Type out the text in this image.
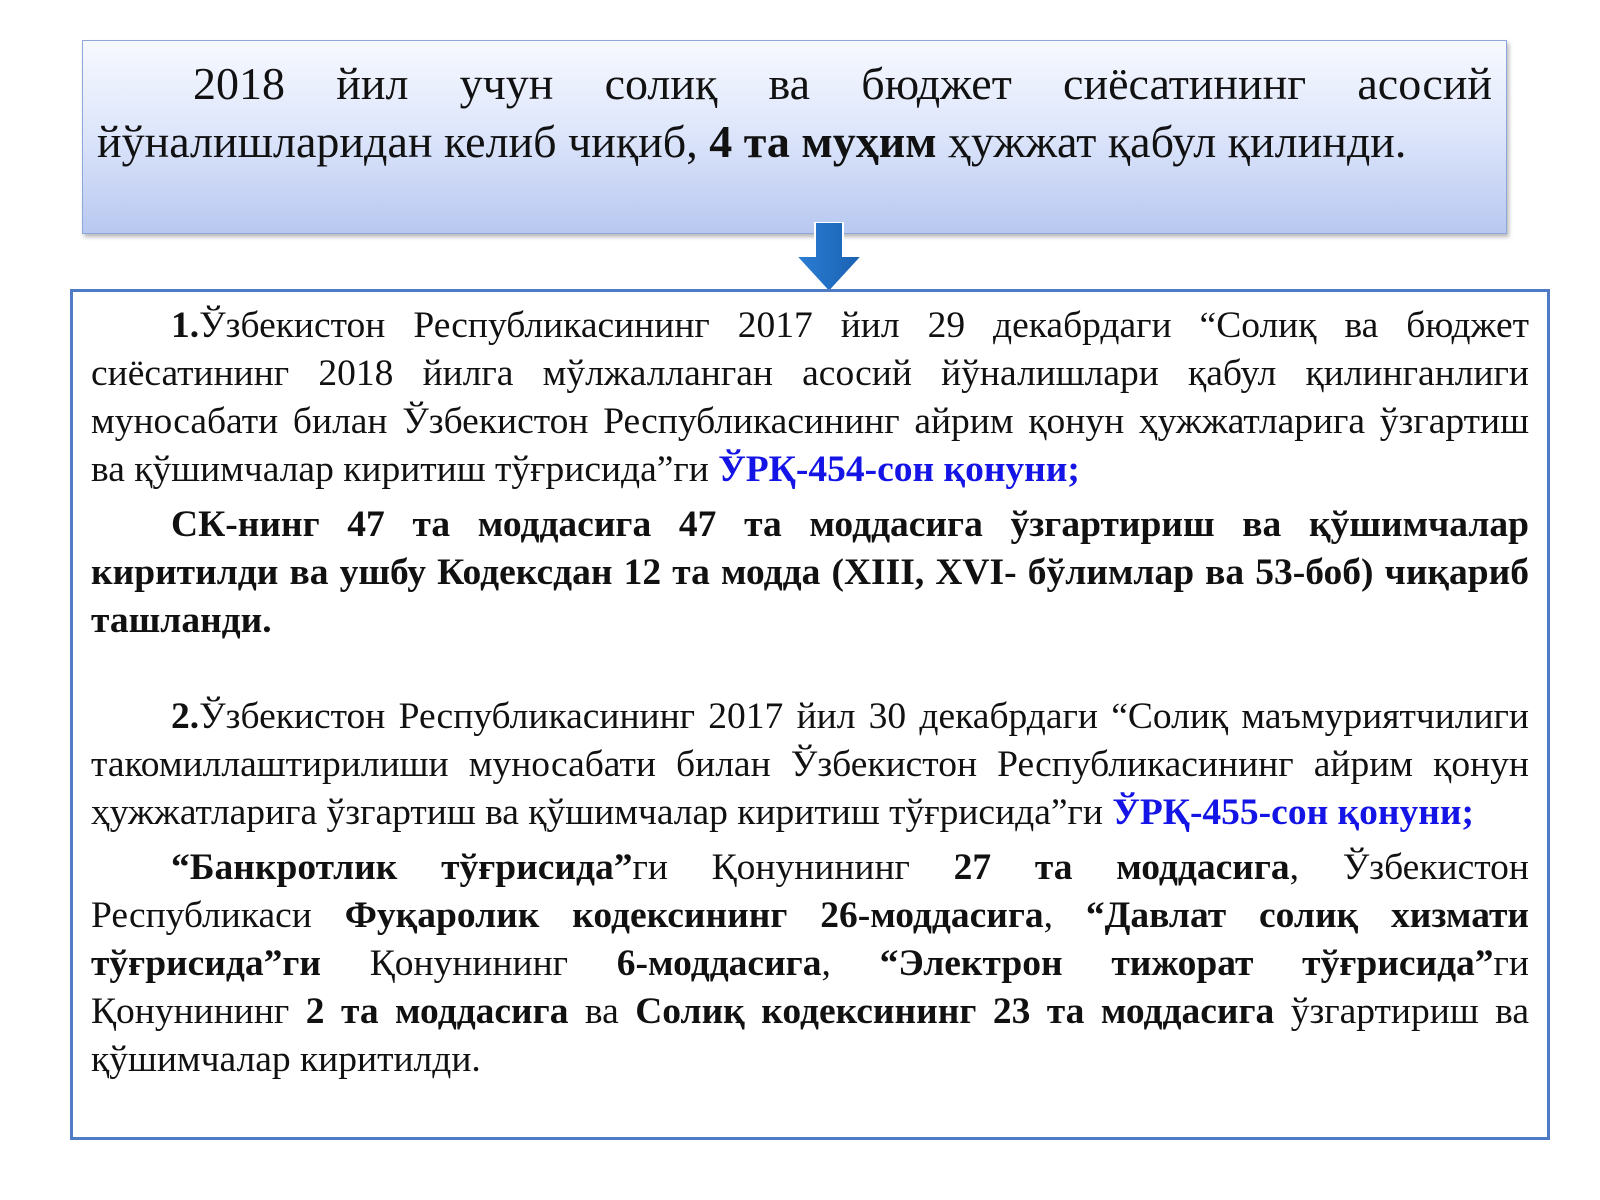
2018 йил учун солиқ ва бюджет сиёсатининг асосий йўналишларидан келиб чиқиб, 4 та муҳим ҳужжат қабул қилинди.

1.Ўзбекистон Республикасининг 2017 йил 29 декабрдаги “Солиқ ва бюджет сиёсатининг 2018 йилга мўлжалланган асосий йўналишлари қабул қилинганлиги муносабати билан Ўзбекистон Республикасининг айрим қонун ҳужжатларига ўзгартиш ва қўшимчалар киритиш тўғрисида”ги ЎРҚ-454-сон қонуни;

СК-нинг 47 та моддасига 47 та моддасига ўзгартириш ва қўшимчалар киритилди ва ушбу Кодексдан 12 та модда (XIII, XVI- бўлимлар ва 53-боб) чиқариб ташланди.

2.Ўзбекистон Республикасининг 2017 йил 30 декабрдаги “Солиқ маъмуриятчилиги такомиллаштирилиши муносабати билан Ўзбекистон Республикасининг айрим қонун ҳужжатларига ўзгартиш ва қўшимчалар киритиш тўғрисида”ги ЎРҚ-455-сон қонуни;

“Банкротлик тўғрисида”ги Қонунининг 27 та моддасига, Ўзбекистон Республикаси Фуқаролик кодексининг 26-моддасига, “Давлат солиқ хизмати тўғрисида”ги Қонунининг 6-моддасига, “Электрон тижорат тўғрисида”ги Қонунининг 2 та моддасига ва Солиқ кодексининг 23 та моддасига ўзгартириш ва қўшимчалар киритилди.
